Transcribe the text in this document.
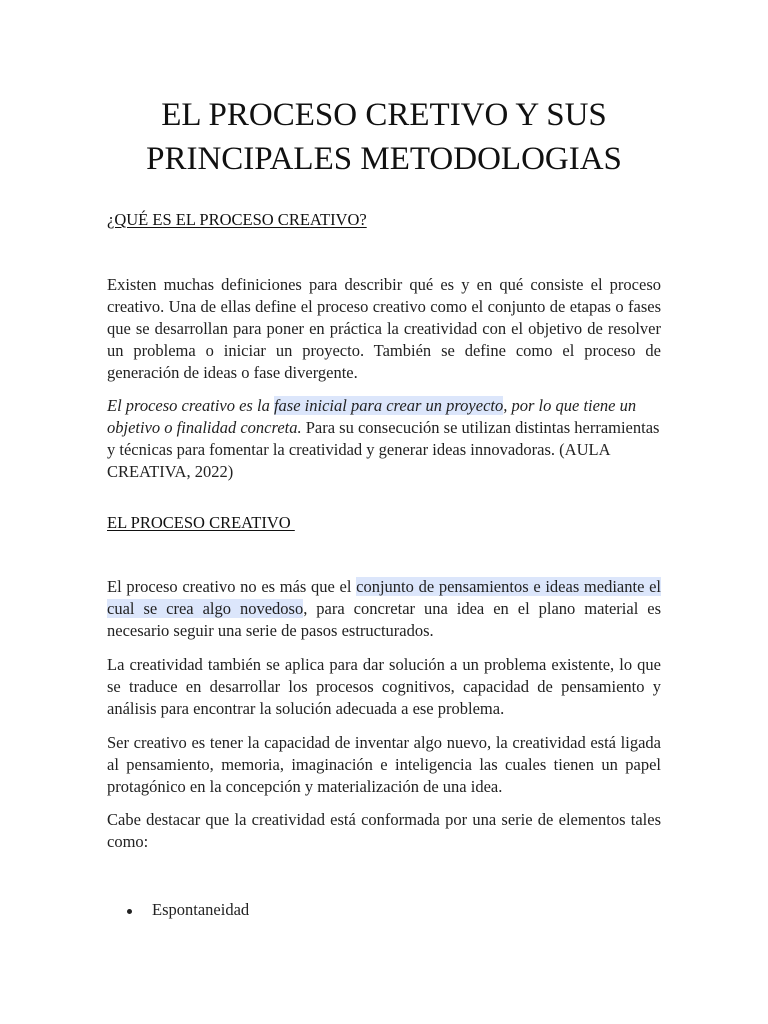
EL PROCESO CRETIVO Y SUS
PRINCIPALES METODOLOGIAS
¿QUÉ ES EL PROCESO CREATIVO?

Existen muchas definiciones para describir qué es y en qué consiste el proceso creativo. Una de ellas define el proceso creativo como el conjunto de etapas o fases que se desarrollan para poner en práctica la creatividad con el objetivo de resolver un problema o iniciar un proyecto. También se define como el proceso de generación de ideas o fase divergente.

El proceso creativo es la fase inicial para crear un proyecto, por lo que tiene un objetivo o finalidad concreta. Para su consecución se utilizan distintas herramientas y técnicas para fomentar la creatividad y generar ideas innovadoras. (AULA CREATIVA, 2022)

EL PROCESO CREATIVO

El proceso creativo no es más que el conjunto de pensamientos e ideas mediante el cual se crea algo novedoso, para concretar una idea en el plano material es necesario seguir una serie de pasos estructurados.

La creatividad también se aplica para dar solución a un problema existente, lo que se traduce en desarrollar los procesos cognitivos, capacidad de pensamiento y análisis para encontrar la solución adecuada a ese problema.

Ser creativo es tener la capacidad de inventar algo nuevo, la creatividad está ligada al pensamiento, memoria, imaginación e inteligencia las cuales tienen un papel protagónico en la concepción y materialización de una idea.

Cabe destacar que la creatividad está conformada por una serie de elementos tales como:

Espontaneidad
